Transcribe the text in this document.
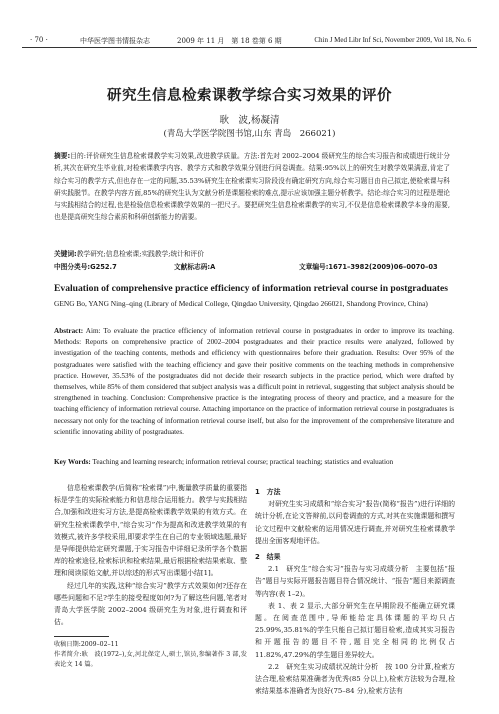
· 70 ·	中华医学图书情报杂志	2009 年 11 月　第 18 卷第 6 期	Chin J Med Libr Inf Sci, November 2009, Vol 18, No. 6
研究生信息检索课教学综合实习效果的评价
耿　波,杨凝清
(青岛大学医学院图书馆,山东 青岛　266021)
摘要:目的:评价研究生信息检索课教学实习效果,改进教学质量。方法:首先对 2002–2004 级研究生的综合实习报告和成绩进行统计分析,其次在研究生毕业前,对检索课教学内容、教学方式和教学效果分别进行问卷调查。结果:95%以上的研究生对教学效果满意,肯定了综合实习的教学方式,但也存在一定的问题,35.53%研究生在检索课实习阶段没有确定研究方向,综合实习题目由自己拟定,使检索课与科研实践脱节。在教学内容方面,85%的研究生认为文献分析是课题检索的难点,提示应该加强主题分析教学。结论:综合实习的过程是理论与实践相结合的过程,也是检验信息检索课教学效果的一把尺子。要把研究生信息检索课教学的实习,不仅是信息检索课教学本身的需要,也是提高研究生综合素质和科研创新能力的需要。
关键词:教学研究;信息检索课;实践教学;统计和评价
中图分类号:G252.7	文献标志码:A	文章编号:1671–3982(2009)06–0070–03
Evaluation of comprehensive practice efficiency of information retrieval course in postgraduates
GENG Bo, YANG Ning–qing (Library of Medical College, Qingdao University, Qingdao 266021, Shandong Province, China)
Abstract: Aim: To evaluate the practice efficiency of information retrieval course in postgraduates in order to improve its teaching. Methods: Reports on comprehensive practice of 2002–2004 postgraduates and their practice results were analyzed, followed by investigation of the teaching contents, methods and efficiency with questionnaires before their graduation. Results: Over 95% of the postgraduates were satisfied with the teaching efficiency and gave their positive comments on the teaching methods in comprehensive practice. However, 35.53% of the postgraduates did not decide their research subjects in the practice period, which were drafted by themselves, while 85% of them considered that subject analysis was a difficult point in retrieval, suggesting that subject analysis should be strengthened in teaching. Conclusion: Comprehensive practice is the integrating process of theory and practice, and a measure for the teaching efficiency of information retrieval course. Attaching importance on the practice of information retrieval course in postgraduates is necessary not only for the teaching of information retrieval course itself, but also for the improvement of the comprehensive literature and scientific innovating ability of postgraduates.
Key Words: Teaching and learning research; information retrieval course; practical teaching; statistics and evaluation

信息检索课教学(后简称“检索课”)中,衡量教学质量的重要指标是学生的实际检索能力和信息综合运用能力。教学与实践相结合,加强和改进实习方法,是提高检索课教学效果的有效方式。在研究生检索课教学中,“综合实习”作为提高和改进教学效果的有效模式,被许多学校采用,即要求学生在自己的专业领域选题,最好是导师提供给定研究课题,于实习报告中详细记录所学各个数据库的检索途径,检索标识和检索结果,最后根据检索结果索取、整理和阅读原始文献,并以综述的形式写出课题小结[1]。

经过几年的实践,这种“综合实习”教学方式效果如何?还存在哪些问题和不足?学生的接受程度如何?为了解这些问题,笔者对青岛大学医学院 2002–2004 级研究生为对象,进行调查和评估。

收稿日期:2009–02–11

作者简介:耿　波(1972–),女,河北保定人,硕士,馆员,参编著作 3 部,发表论文 14 篇。

1　方法

对研究生实习成绩和“综合实习”报告(简称“报告”)进行详细的统计分析,在论文答辩前,以问卷调查的方式,对其在实施课题和撰写论文过程中文献检索的运用情况进行调查,并对研究生检索课教学提出全面客观地评估。

2　结果

2.1　研究生“综合实习”报告与实习成绩分析　主要包括“报告”题目与实际开题报告题目符合情况统计、“报告”题目来源调查等内容(表 1–2)。

表 1、表 2 显示,大部分研究生在早期阶段不能确立研究课题。在阅查范围中,导师能给定具体课题的平均只占 25.99%,35.81%的学生只能自己拟订题目检索,造成其实习报告和开题报告的题目不符,题目完全相同的比例仅占 11.82%,47.29%的学生题目差异较大。

2.2　研究生实习成绩状况统计分析　按 100 分计算,检索方法合理,检索结果准确者为优秀(85 分以上),检索方法较为合理,检索结果基本准确者为良好(75–84 分),检索方法有
